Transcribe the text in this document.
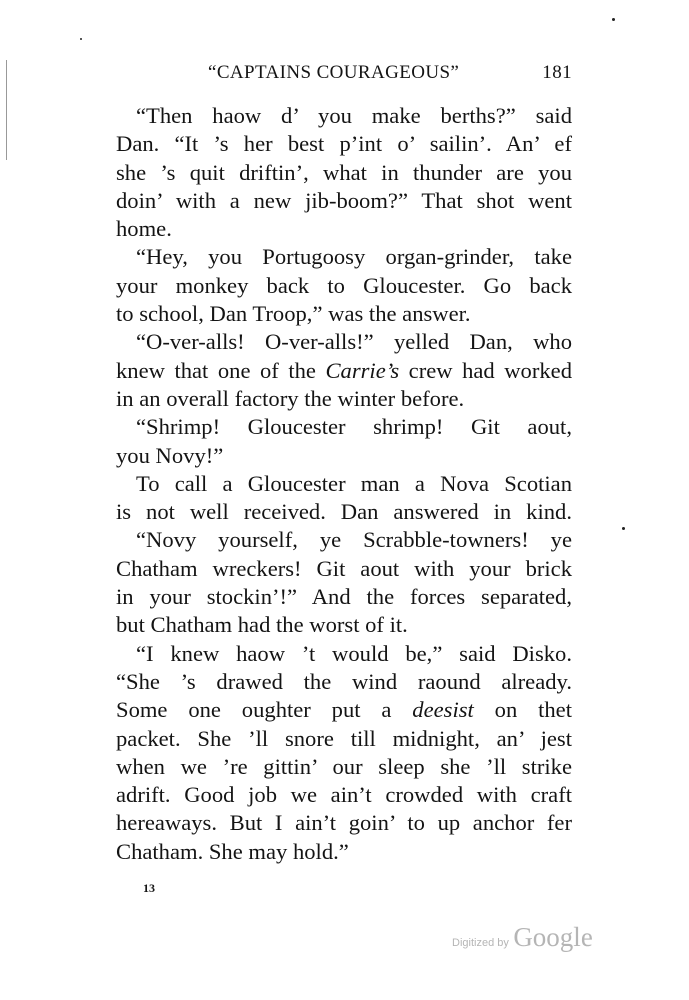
“CAPTAINS COURAGEOUS”	181
“Then haow d’ you make berths?” said
Dan. “It ’s her best p’int o’ sailin’. An’ ef
she ’s quit driftin’, what in thunder are you
doin’ with a new jib-boom?” That shot went
home.
“Hey, you Portugoosy organ-grinder, take
your monkey back to Gloucester. Go back
to school, Dan Troop,” was the answer.
“O-ver-alls! O-ver-alls!” yelled Dan, who
knew that one of the Carrie’s crew had worked
in an overall factory the winter before.
“Shrimp! Gloucester shrimp! Git aout,
you Novy!”
To call a Gloucester man a Nova Scotian
is not well received. Dan answered in kind.
“Novy yourself, ye Scrabble-towners! ye
Chatham wreckers! Git aout with your brick
in your stockin’!” And the forces separated,
but Chatham had the worst of it.
“I knew haow ’t would be,” said Disko.
“She ’s drawed the wind raound already.
Some one oughter put a deesist on thet
packet. She ’ll snore till midnight, an’ jest
when we ’re gittin’ our sleep she ’ll strike
adrift. Good job we ain’t crowded with craft
hereaways. But I ain’t goin’ to up anchor fer
Chatham. She may hold.”
13
Digitized by Google
